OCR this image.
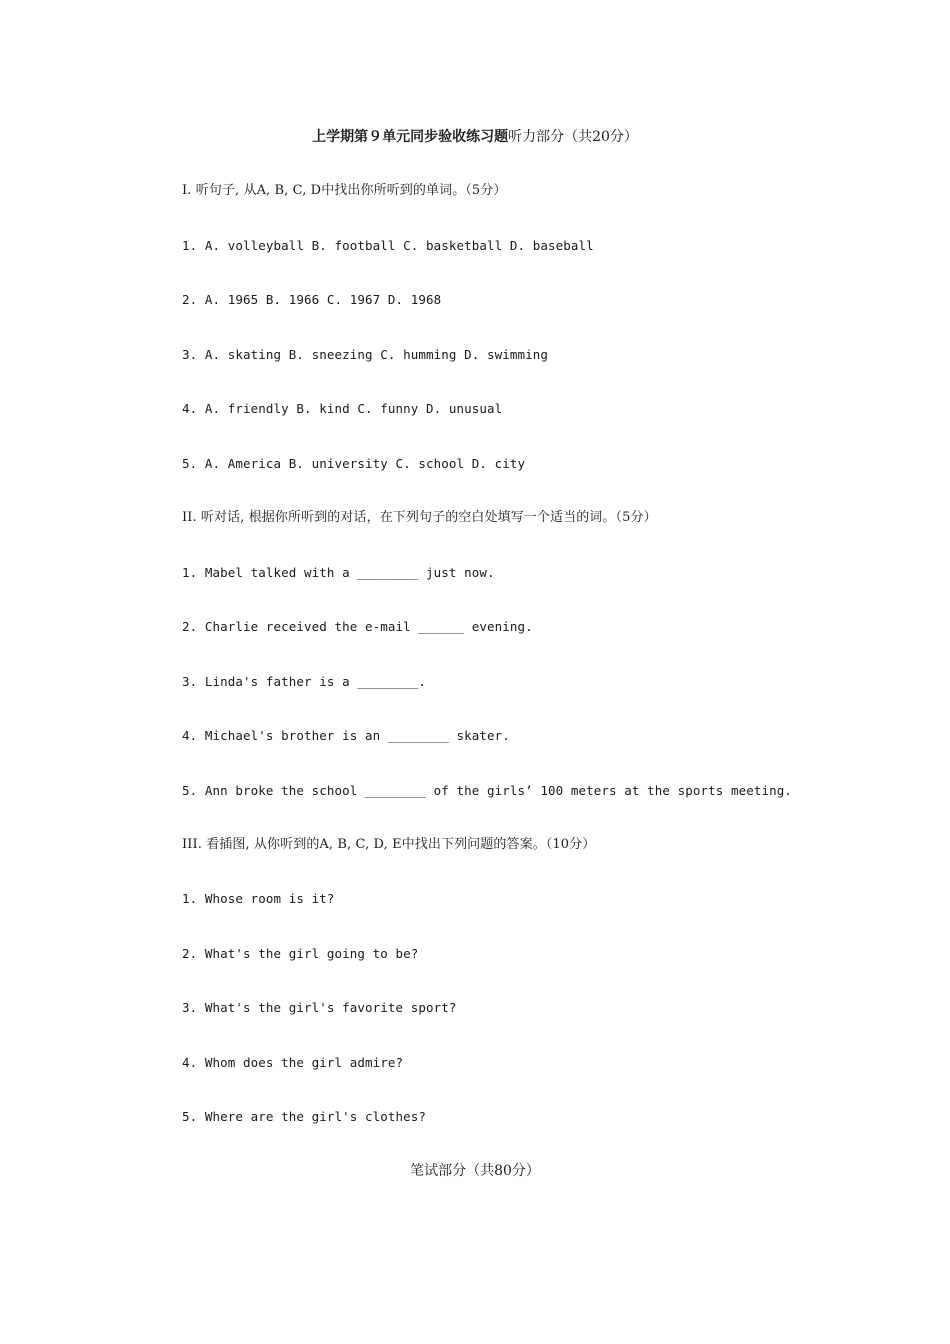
上学期第９单元同步验收练习题听力部分（共20分）
I. 听句子, 从A, B, C, D中找出你所听到的单词。（5分）
1. A. volleyball B. football C. basketball D. baseball
2. A. 1965 B. 1966 C. 1967 D. 1968
3. A. skating B. sneezing C. humming D. swimming
4. A. friendly B. kind C. funny D. unusual
5. A. America B. university C. school D. city
II. 听对话, 根据你所听到的对话，在下列句子的空白处填写一个适当的词。（5分）
1. Mabel talked with a ________ just now.
2. Charlie received the e-mail ______ evening.
3. Linda's father is a ________.
4. Michael's brother is an ________ skater.
5. Ann broke the school ________ of the girls’ 100 meters at the sports meeting.
III. 看插图, 从你听到的A, B, C, D, E中找出下列问题的答案。（10分）
1. Whose room is it?
2. What's the girl going to be?
3. What's the girl's favorite sport?
4. Whom does the girl admire?
5. Where are the girl's clothes?
笔试部分（共80分）
